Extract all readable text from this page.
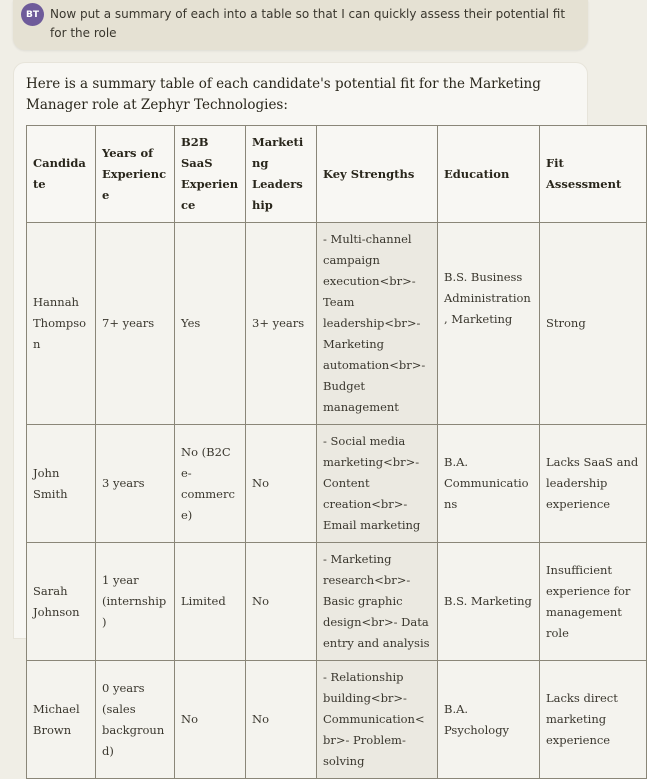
BT Now put a summary of each into a table so that I can quickly assess their potential fit for the role
Here is a summary table of each candidate's potential fit for the Marketing Manager role at Zephyr Technologies:
Candidate	Years of Experience	B2B SaaS Experience	Marketing Leadership	Key Strengths	Education	Fit Assessment
Hannah Thompson	7+ years	Yes	3+ years	- Multi-channel campaign execution<br>- Team leadership<br>- Marketing automation<br>- Budget management	B.S. Business Administration, Marketing	Strong
John Smith	3 years	No (B2C e-commerce)	No	- Social media marketing<br>- Content creation<br>- Email marketing	B.A. Communications	Lacks SaaS and leadership experience
Sarah Johnson	1 year (internship)	Limited	No	- Marketing research<br>- Basic graphic design<br>- Data entry and analysis	B.S. Marketing	Insufficient experience for management role
Michael Brown	0 years (sales background)	No	No	- Relationship building<br>- Communication<br>- Problem-solving	B.A. Psychology	Lacks direct marketing experience
